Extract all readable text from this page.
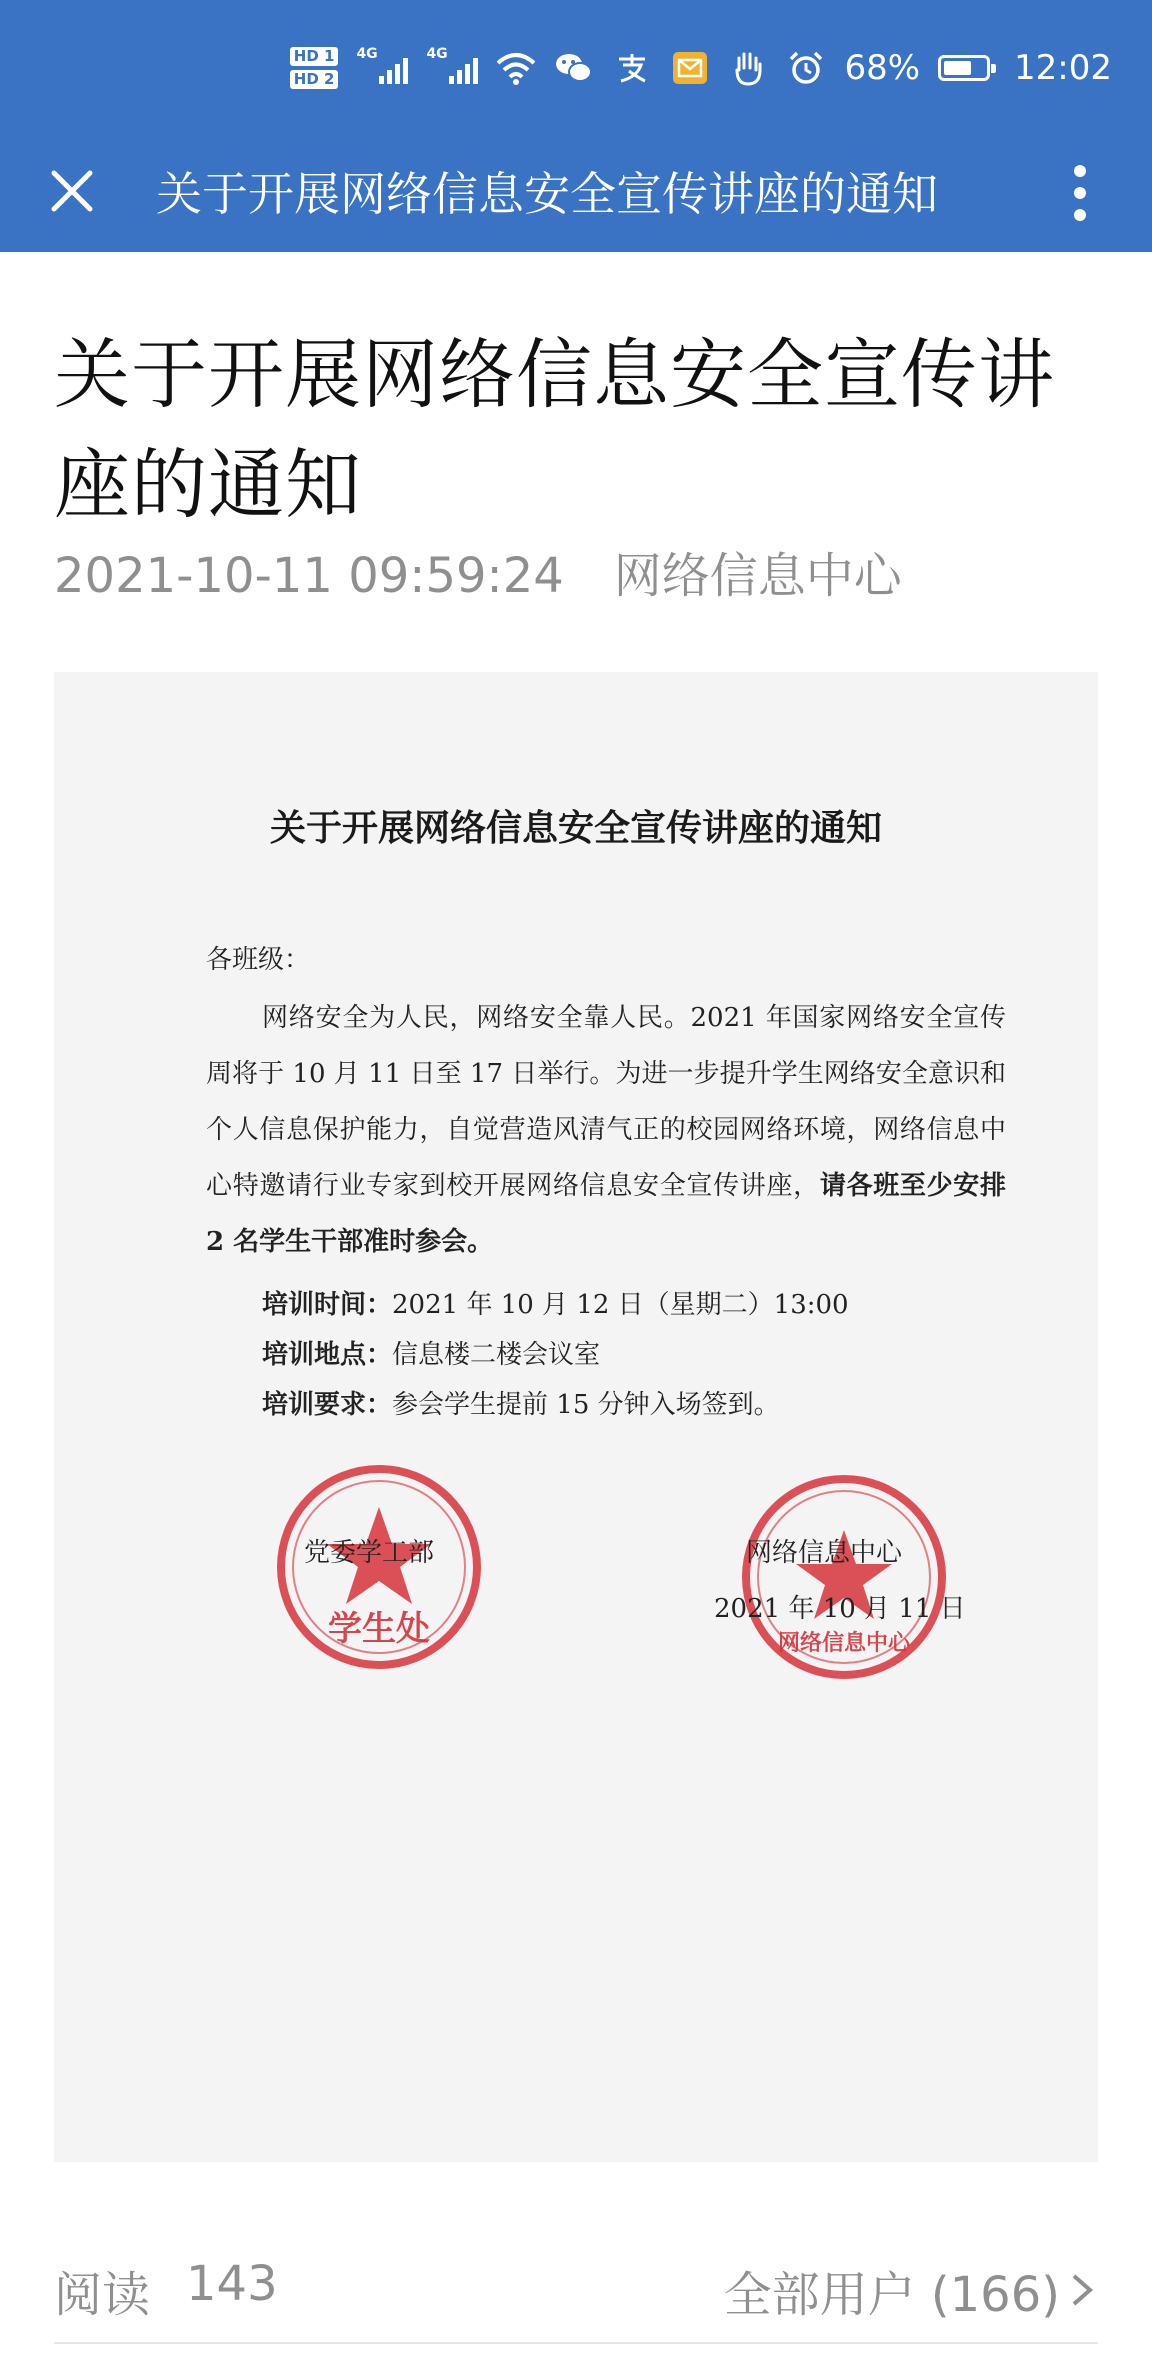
HD 1
HD 2
4G	4G	68%	12:02
关于开展网络信息安全宣传讲座的通知
关于开展网络信息安全宣传讲座的通知
2021-10-11 09:59:24 网络信息中心
关于开展网络信息安全宣传讲座的通知
各班级：
网络安全为人民，网络安全靠人民。2021 年国家网络安全宣传周将于 10 月 11 日至 17 日举行。为进一步提升学生网络安全意识和个人信息保护能力，自觉营造风清气正的校园网络环境，网络信息中心特邀请行业专家到校开展网络信息安全宣传讲座，请各班至少安排 2 名学生干部准时参会。
培训时间：2021 年 10 月 12 日（星期二）13:00
培训地点：信息楼二楼会议室
培训要求：参会学生提前 15 分钟入场签到。
学生处	网络信息中心
党委学工部	网络信息中心
2021 年 10 月 11 日
阅读 143	全部用户 (166)
